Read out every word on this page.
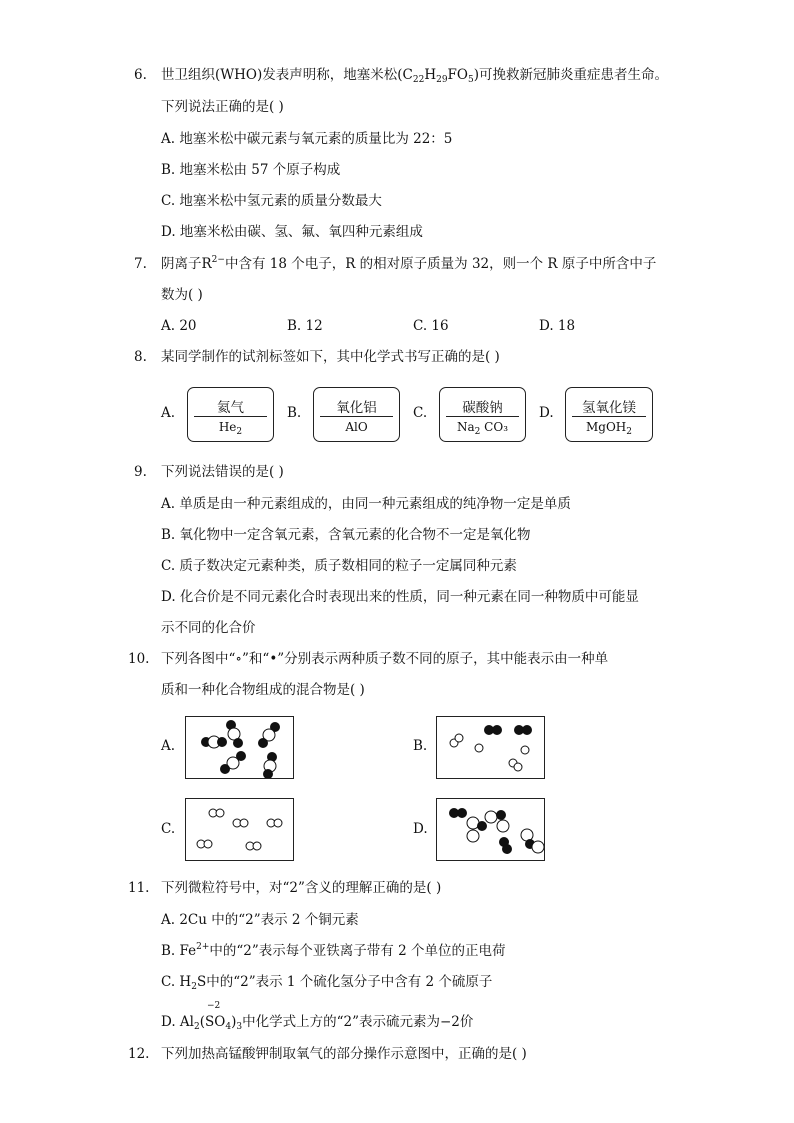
6. 世卫组织(WHO)发表声明称，地塞米松$(C_{22}H_{29}FO_5)$可挽救新冠肺炎重症患者生命。
下列说法正确的是( )
A. 地塞米松中碳元素与氧元素的质量比为 22：5
B. 地塞米松由 57 个原子构成
C. 地塞米松中氢元素的质量分数最大
D. 地塞米松由碳、氢、氟、氧四种元素组成
7. 阴离子$R^{2-}$中含有 18 个电子，R 的相对原子质量为 32，则一个 R 原子中所含中子
数为( )
A. 20	B. 12	C. 16	D. 18
8. 某同学制作的试剂标签如下，其中化学式书写正确的是( )
A.	氦气
$He_2$
B.	氧化铝
AlO
C.	碳酸钠
$Na_2$ CO₃
D.	氢氧化镁
MgOH$_2$
9. 下列说法错误的是( )
A. 单质是由一种元素组成的，由同一种元素组成的纯净物一定是单质
B. 氧化物中一定含氧元素，含氧元素的化合物不一定是氧化物
C. 质子数决定元素种类，质子数相同的粒子一定属同种元素
D. 化合价是不同元素化合时表现出来的性质，同一种元素在同一种物质中可能显
示不同的化合价
10. 下列各图中“∘”和“•”分别表示两种质子数不同的原子，其中能表示由一种单
质和一种化合物组成的混合物是( )
A.	B.
C.	D.
11. 下列微粒符号中，对“2”含义的理解正确的是( )
A. 2Cu 中的“2”表示 2 个铜元素
B. $Fe^{2+}$中的“2”表示每个亚铁离子带有 2 个单位的正电荷
C. $H_2S$中的“2”表示 1 个硫化氢分子中含有 2 个硫原子
D. $Al_2$(
−2
$SO_4)_3$中化学式上方的“2”表示硫元素为−2价
12. 下列加热高锰酸钾制取氧气的部分操作示意图中，正确的是( )
